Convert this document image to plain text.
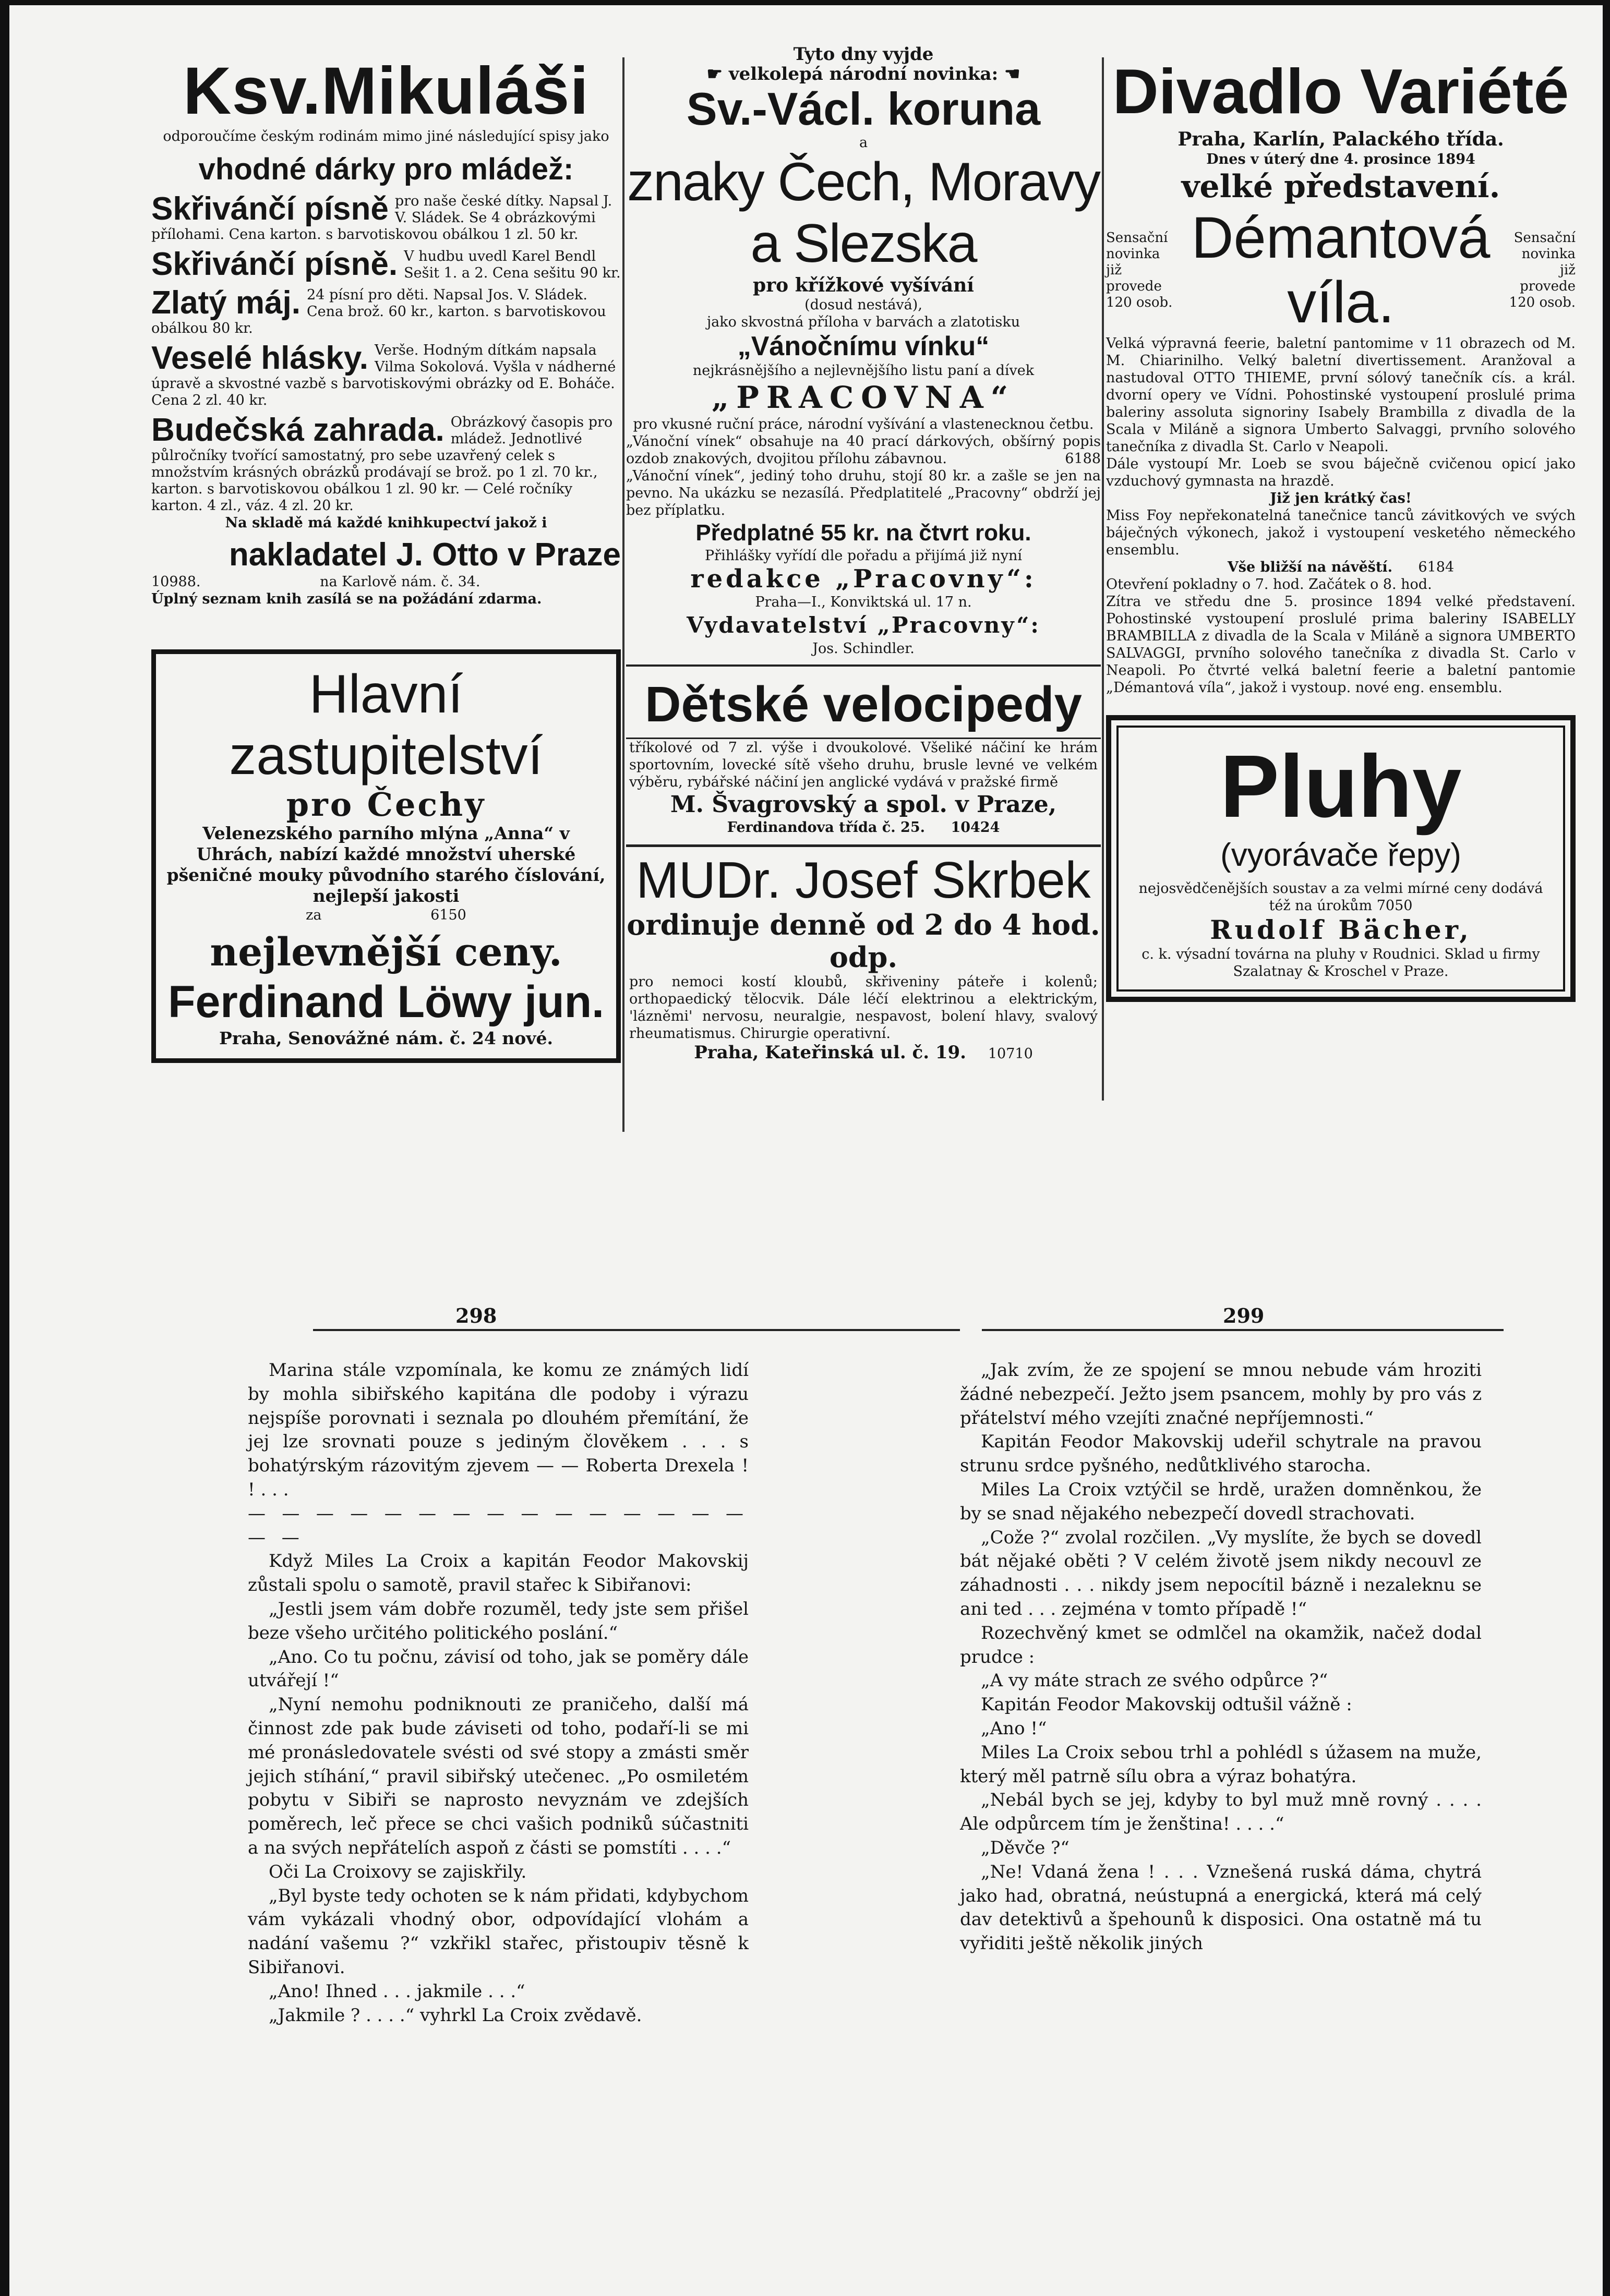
Ksv.Mikuláši

odporoučíme českým rodinám mimo jiné následující spisy jako

vhodné dárky pro mládež:
Skřivánčí písně pro naše české dítky. Napsal J. V. Sládek. Se 4 obrázkovými přílohami. Cena karton. s barvotiskovou obálkou 1 zl. 50 kr.
Skřivánčí písně. V hudbu uvedl Karel Bendl Sešit 1. a 2. Cena sešitu 90 kr.
Zlatý máj. 24 písní pro děti. Napsal Jos. V. Sládek. Cena brož. 60 kr., karton. s barvotiskovou obálkou 80 kr.
Veselé hlásky. Verše. Hodným dítkám napsala Vilma Sokolová. Vyšla v nádherné úpravě a skvostné vazbě s barvotiskovými obrázky od E. Boháče. Cena 2 zl. 40 kr.
Budečská zahrada. Obrázkový časopis pro mládež. Jednotlivé půlročníky tvořící samostatný, pro sebe uzavřený celek s množstvím krásných obrázků prodávají se brož. po 1 zl. 70 kr., karton. s barvotiskovou obálkou 1 zl. 90 kr. — Celé ročníky karton. 4 zl., váz. 4 zl. 20 kr.

Na skladě má každé knihkupectví jakož i

nakladatel J. Otto v Praze

10988.	na Karlově nám. č. 34.

Úplný seznam knih zasílá se na požádání zdarma.

Hlavní zastupitelství
pro Čechy

Velenezského parního mlýna „Anna“ v Uhrách, nabízí každé množství uherské pšeničné mouky původního starého číslování, nejlepší jakosti

za	6150

nejlevnější ceny.
Ferdinand Löwy jun.

Praha, Senovážné nám. č. 24 nové.

Tyto dny vyjde

☛ velkolepá národní novinka: ☚

Sv.-Václ. koruna

a

znaky Čech, Moravy a Slezska

pro křížkové vyšívání

(dosud nestává),

jako skvostná příloha v barvách a zlatotisku

„Vánočnímu vínku“

nejkrásnějšího a nejlevnějšího listu paní a dívek

„PRACOVNA“

pro vkusné ruční práce, národní vyšívání a vlastenecknou četbu.

„Vánoční vínek“ obsahuje na 40 prací dárkových, obšírný popis ozdob znakových, dvojitou přílohu zábavnou.	6188

„Vánoční vínek“, jediný toho druhu, stojí 80 kr. a zašle se jen na pevno. Na ukázku se nezasílá. Předplatitelé „Pracovny“ obdrží jej bez příplatku.

Předplatné 55 kr. na čtvrt roku.

Přihlášky vyřídí dle pořadu a přijímá již nyní

redakce „Pracovny“:

Praha—I., Konviktská ul. 17 n.

Vydavatelství „Pracovny“:

Jos. Schindler.

Dětské velocipedy

tříkolové od 7 zl. výše i dvoukolové. Všeliké náčiní ke hrám sportovním, lovecké sítě všeho druhu, brusle levné ve velkém výběru, rybářské náčiní jen anglické vydává v pražské firmě

M. Švagrovský a spol. v Praze,

Ferdinandova třída č. 25. 10424

MUDr. Josef Skrbek
ordinuje denně od 2 do 4 hod. odp.

pro nemoci kostí kloubů, skřiveniny páteře i kolenů; orthopaedický tělocvik. Dále léčí elektrinou a elektrickým, 'lázněmi' nervosu, neuralgie, nespavost, bolení hlavy, svalový rheumatismus. Chirurgie operativní.

Praha, Kateřinská ul. č. 19. 10710

Divadlo Variété

Praha, Karlín, Palackého třída.

Dnes v úterý dne 4. prosince 1894

velké představení.
Sensační novinka již provede 120 osob.
Démantová víla.
Sensační novinka již provede 120 osob.

Velká výpravná feerie, baletní pantomime v 11 obrazech od M. M. Chiarinilho. Velký baletní divertissement. Aranžoval a nastudoval OTTO THIEME, první sólový tanečník cís. a král. dvorní opery ve Vídni. Pohostinské vystoupení proslulé prima baleriny assoluta signoriny Isabely Brambilla z divadla de la Scala v Miláně a signora Umberto Salvaggi, prvního solového tanečníka z divadla St. Carlo v Neapoli.

Dále vystoupí Mr. Loeb se svou báječně cvičenou opicí jako vzduchový gymnasta na hrazdě.

Již jen krátký čas!

Miss Foy nepřekonatelná tanečnice tanců závitkových ve svých báječných výkonech, jakož i vystoupení vesketého německého ensemblu.

Vše bližší na návěští. 6184

Otevření pokladny o 7. hod. Začátek o 8. hod.

Zítra ve středu dne 5. prosince 1894 velké představení. Pohostinské vystoupení proslulé prima baleriny ISABELLY BRAMBILLA z divadla de la Scala v Miláně a signora UMBERTO SALVAGGI, prvního solového tanečníka z divadla St. Carlo v Neapoli. Po čtvrté velká baletní feerie a baletní pantomie „Démantová víla“, jakož i vystoup. nové eng. ensemblu.

Pluhy
(vyorávače řepy)

nejosvědčenějších soustav a za velmi mírné ceny dodává též na úrokům 7050

Rudolf Bächer,

c. k. výsadní továrna na pluhy v Roudnici. Sklad u firmy Szalatnay & Kroschel v Praze.

298	299

Marina stále vzpomínala, ke komu ze známých lidí by mohla sibiřského kapitána dle podoby i výrazu nejspíše porovnati i seznala po dlouhém přemítání, že jej lze srovnati pouze s jediným člověkem . . . s bohatýrským rázovitým zjevem — — Roberta Drexela ! ! . . .

— — — — — — — — — — — — — — — — —

Když Miles La Croix a kapitán Feodor Makovskij zůstali spolu o samotě, pravil stařec k Sibiřanovi:

„Jestli jsem vám dobře rozuměl, tedy jste sem přišel beze všeho určitého politického poslání.“

„Ano. Co tu počnu, závisí od toho, jak se poměry dále utvářejí !“

„Nyní nemohu podniknouti ze praničeho, další má činnost zde pak bude záviseti od toho, podaří-li se mi mé pronásledovatele svésti od své stopy a zmásti směr jejich stíhání,“ pravil sibiřský utečenec. „Po osmiletém pobytu v Sibiři se naprosto nevyznám ve zdejších poměrech, leč přece se chci vašich podniků súčastniti a na svých nepřátelích aspoň z části se pomstíti . . . .“

Oči La Croixovy se zajiskřily.

„Byl byste tedy ochoten se k nám přidati, kdybychom vám vykázali vhodný obor, odpovídající vlohám a nadání vašemu ?“ vzkřikl stařec, přistoupiv těsně k Sibiřanovi.

„Ano! Ihned . . . jakmile . . .“

„Jakmile ? . . . .“ vyhrkl La Croix zvědavě.

„Jak zvím, že ze spojení se mnou nebude vám hroziti žádné nebezpečí. Ježto jsem psancem, mohly by pro vás z přátelství mého vzejíti značné nepříjemnosti.“

Kapitán Feodor Makovskij udeřil schytrale na pravou strunu srdce pyšného, nedůtklivého starocha.

Miles La Croix vztýčil se hrdě, uražen domněnkou, že by se snad nějakého nebezpečí dovedl strachovati.

„Cože ?“ zvolal rozčilen. „Vy myslíte, že bych se dovedl bát nějaké oběti ? V celém životě jsem nikdy necouvl ze záhadnosti . . . nikdy jsem nepocítil bázně i nezaleknu se ani ted . . . zejména v tomto případě !“

Rozechvěný kmet se odmlčel na okamžik, načež dodal prudce :

„A vy máte strach ze svého odpůrce ?“

Kapitán Feodor Makovskij odtušil vážně :

„Ano !“

Miles La Croix sebou trhl a pohlédl s úžasem na muže, který měl patrně sílu obra a výraz bohatýra.

„Nebál bych se jej, kdyby to byl muž mně rovný . . . . Ale odpůrcem tím je ženština! . . . .“

„Děvče ?“

„Ne! Vdaná žena ! . . . Vznešená ruská dáma, chytrá jako had, obratná, neústupná a energická, která má celý dav detektivů a špehounů k disposici. Ona ostatně má tu vyřiditi ještě několik jiných
